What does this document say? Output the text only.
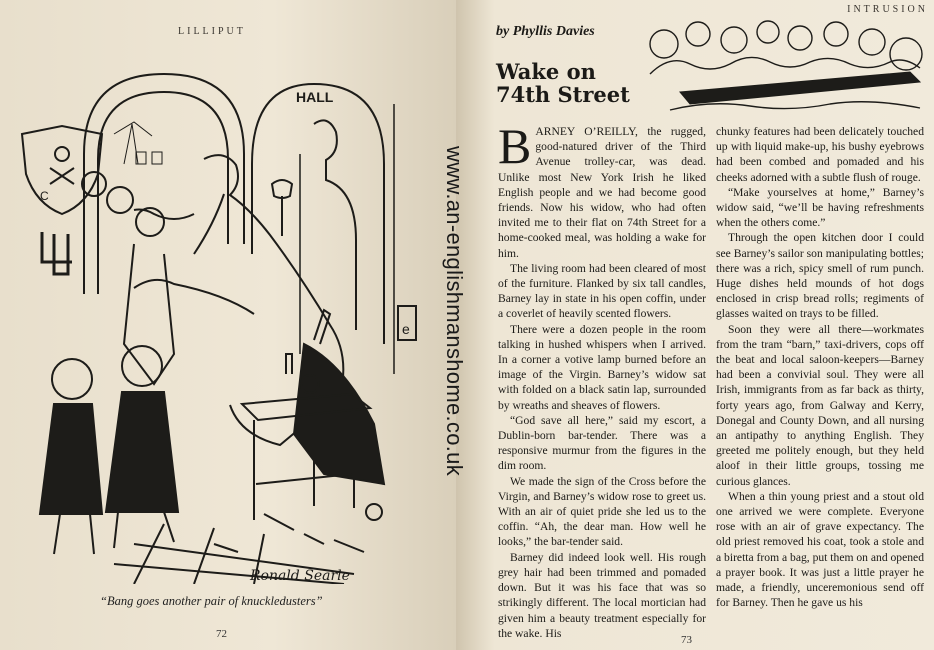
LILLIPUT
HALL
C
e
Ronald Searle
“Bang goes another pair of knuckledusters”
72
INTRUSION
www.an-englishmanshome.co.uk
by Phyllis Davies
Wake on 74th Street

BARNEY O’REILLY, the rugged, good-natured driver of the Third Avenue trolley-car, was dead. Unlike most New York Irish he liked English people and we had become good friends. Now his widow, who had often invited me to their flat on 74th Street for a home-cooked meal, was holding a wake for him.

The living room had been cleared of most of the furniture. Flanked by six tall candles, Barney lay in state in his open coffin, under a coverlet of heavily scented flowers.

There were a dozen people in the room talking in hushed whispers when I arrived. In a corner a votive lamp burned before an image of the Virgin. Barney’s widow sat with folded on a black satin lap, surrounded by wreaths and sheaves of flowers.

“God save all here,” said my escort, a Dublin-born bar-tender. There was a responsive murmur from the figures in the dim room.

We made the sign of the Cross before the Virgin, and Barney’s widow rose to greet us. With an air of quiet pride she led us to the coffin. “Ah, the dear man. How well he looks,” the bar-tender said.

Barney did indeed look well. His rough grey hair had been trimmed and pomaded down. But it was his face that was so strikingly different. The local mortician had given him a beauty treatment especially for the wake. His

chunky features had been delicately touched up with liquid make-up, his bushy eyebrows had been combed and pomaded and his cheeks adorned with a subtle flush of rouge.

“Make yourselves at home,” Barney’s widow said, “we’ll be having refreshments when the others come.”

Through the open kitchen door I could see Barney’s sailor son manipulating bottles; there was a rich, spicy smell of rum punch. Huge dishes held mounds of hot dogs enclosed in crisp bread rolls; regiments of glasses waited on trays to be filled.

Soon they were all there—workmates from the tram “barn,” taxi-drivers, cops off the beat and local saloon-keepers—Barney had been a convivial soul. They were all Irish, immigrants from as far back as thirty, forty years ago, from Galway and Kerry, Donegal and County Down, and all nursing an antipathy to anything English. They greeted me politely enough, but they held aloof in their little groups, tossing me curious glances.

When a thin young priest and a stout old one arrived we were complete. Everyone rose with an air of grave expectancy. The old priest removed his coat, took a stole and a biretta from a bag, put them on and opened a prayer book. It was just a little prayer he made, a friendly, unceremonious send off for Barney. Then he gave us his

73
